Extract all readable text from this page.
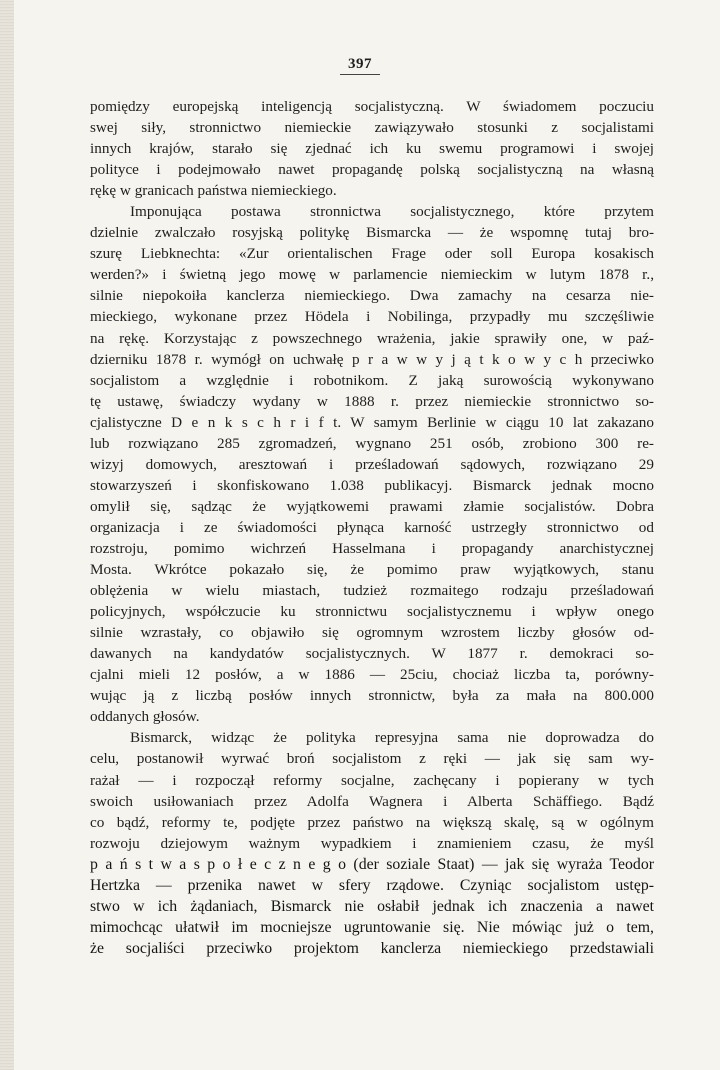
397
pomiędzy europejską inteligencją socjalistyczną. W świadomem poczuciu
swej siły, stronnictwo niemieckie zawiązywało stosunki z socjalistami
innych krajów, starało się zjednać ich ku swemu programowi i swojej
polityce i podejmowało nawet propagandę polską socjalistyczną na własną
rękę w granicach państwa niemieckiego.
Imponująca postawa stronnictwa socjalistycznego, które przytem
dzielnie zwalczało rosyjską politykę Bismarcka — że wspomnę tutaj bro-
szurę Liebknechta: «Zur orientalischen Frage oder soll Europa kosakisch
werden?» i świetną jego mowę w parlamencie niemieckim w lutym 1878 r.,
silnie niepokoiła kanclerza niemieckiego. Dwa zamachy na cesarza nie-
mieckiego, wykonane przez Hödela i Nobilinga, przypadły mu szczęśliwie
na rękę. Korzystając z powszechnego wrażenia, jakie sprawiły one, w paź-
dzierniku 1878 r. wymógł on uchwałę p r a w w y j ą t k o w y c h przeciwko
socjalistom a względnie i robotnikom. Z jaką surowością wykonywano
tę ustawę, świadczy wydany w 1888 r. przez niemieckie stronnictwo so-
cjalistyczne D e n k s c h r i f t. W samym Berlinie w ciągu 10 lat zakazano
lub rozwiązano 285 zgromadzeń, wygnano 251 osób, zrobiono 300 re-
wizyj domowych, aresztowań i prześladowań sądowych, rozwiązano 29
stowarzyszeń i skonfiskowano 1.038 publikacyj. Bismarck jednak mocno
omylił się, sądząc że wyjątkowemi prawami złamie socjalistów. Dobra
organizacja i ze świadomości płynąca karność ustrzegły stronnictwo od
rozstroju, pomimo wichrzeń Hasselmana i propagandy anarchistycznej
Mosta. Wkrótce pokazało się, że pomimo praw wyjątkowych, stanu
oblężenia w wielu miastach, tudzież rozmaitego rodzaju prześladowań
policyjnych, współczucie ku stronnictwu socjalistycznemu i wpływ onego
silnie wzrastały, co objawiło się ogromnym wzrostem liczby głosów od-
dawanych na kandydatów socjalistycznych. W 1877 r. demokraci so-
cjalni mieli 12 posłów, a w 1886 — 25ciu, chociaż liczba ta, porówny-
wując ją z liczbą posłów innych stronnictw, była za mała na 800.000
oddanych głosów.
Bismarck, widząc że polityka represyjna sama nie doprowadza do
celu, postanowił wyrwać broń socjalistom z ręki — jak się sam wy-
rażał — i rozpoczął reformy socjalne, zachęcany i popierany w tych
swoich usiłowaniach przez Adolfa Wagnera i Alberta Schäffiego. Bądź
co bądź, reformy te, podjęte przez państwo na większą skalę, są w ogólnym
rozwoju dziejowym ważnym wypadkiem i znamieniem czasu, że myśl
p a ń s t w a s p o ł e c z n e g o (der soziale Staat) — jak się wyraża Teodor
Hertzka — przenika nawet w sfery rządowe. Czyniąc socjalistom ustęp-
stwo w ich żądaniach, Bismarck nie osłabił jednak ich znaczenia a nawet
mimochcąc ułatwił im mocniejsze ugruntowanie się. Nie mówiąc już o tem,
że socjaliści przeciwko projektom kanclerza niemieckiego przedstawiali
